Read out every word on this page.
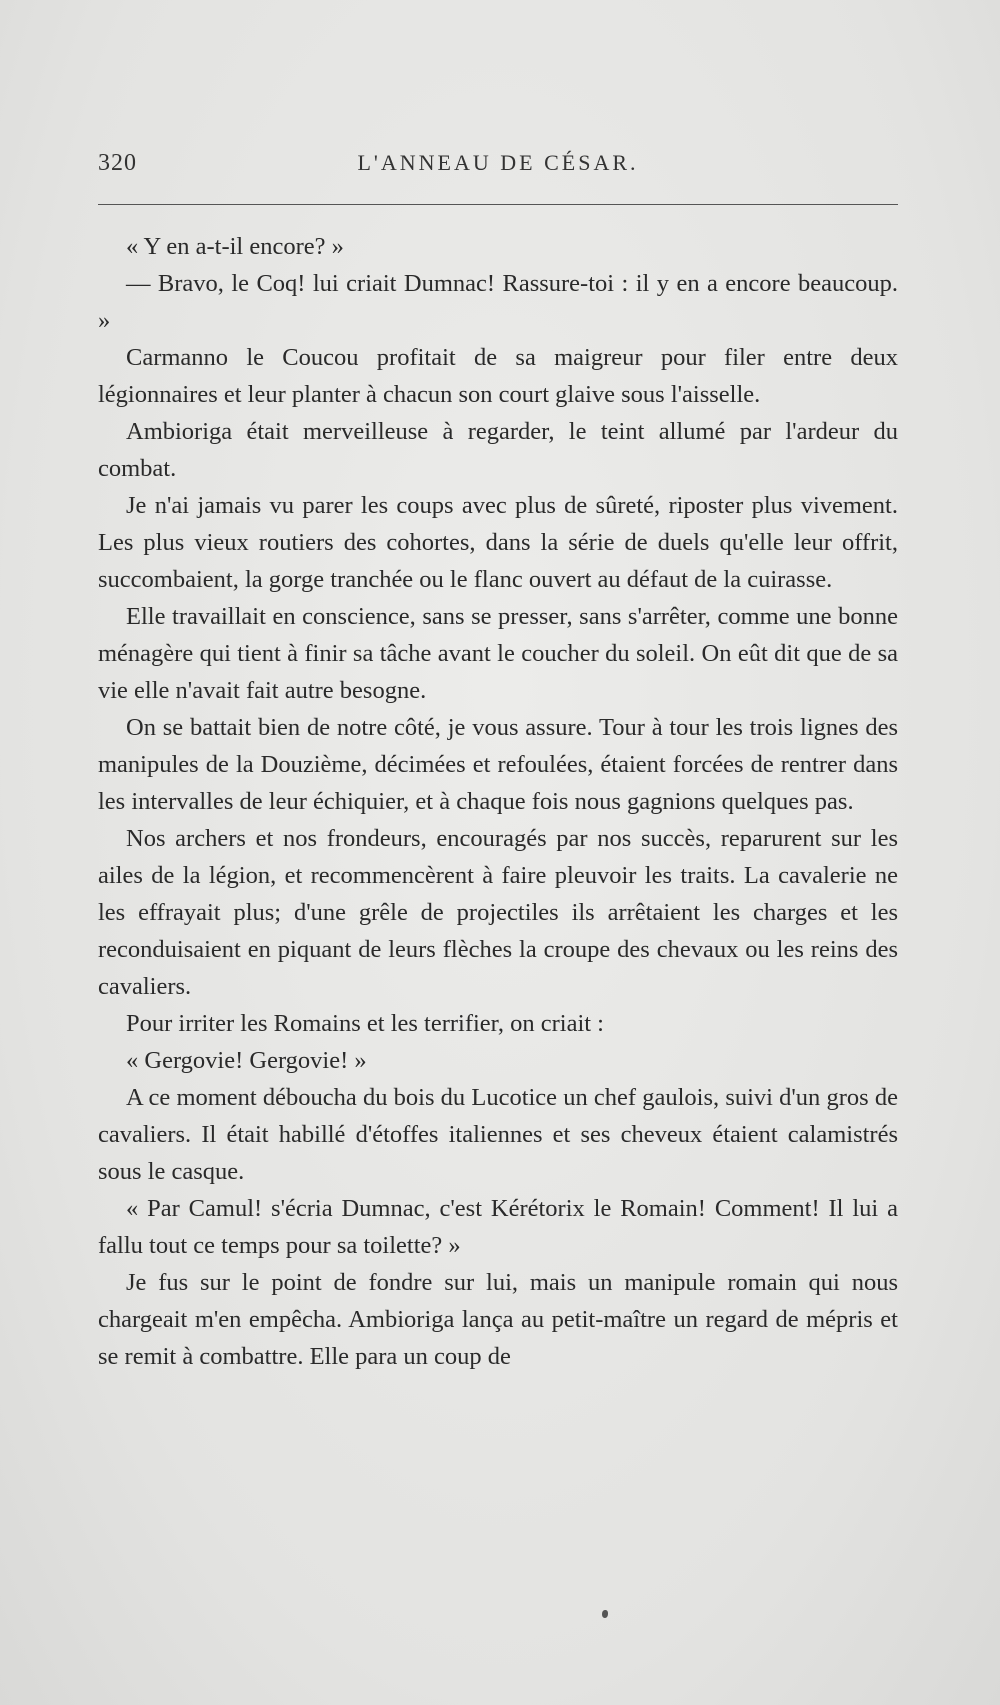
320	L'ANNEAU DE CÉSAR.

« Y en a-t-il encore? »

— Bravo, le Coq! lui criait Dumnac! Rassure-toi : il y en a encore beaucoup. »

Carmanno le Coucou profitait de sa maigreur pour filer entre deux légionnaires et leur planter à chacun son court glaive sous l'aisselle.

Ambioriga était merveilleuse à regarder, le teint allumé par l'ardeur du combat.

Je n'ai jamais vu parer les coups avec plus de sûreté, riposter plus vivement. Les plus vieux routiers des cohortes, dans la série de duels qu'elle leur offrit, succombaient, la gorge tranchée ou le flanc ouvert au défaut de la cuirasse.

Elle travaillait en conscience, sans se presser, sans s'arrêter, comme une bonne ménagère qui tient à finir sa tâche avant le coucher du soleil. On eût dit que de sa vie elle n'avait fait autre besogne.

On se battait bien de notre côté, je vous assure. Tour à tour les trois lignes des manipules de la Douzième, décimées et refoulées, étaient forcées de rentrer dans les intervalles de leur échiquier, et à chaque fois nous gagnions quelques pas.

Nos archers et nos frondeurs, encouragés par nos succès, reparurent sur les ailes de la légion, et recommencèrent à faire pleuvoir les traits. La cavalerie ne les effrayait plus; d'une grêle de projectiles ils arrêtaient les charges et les reconduisaient en piquant de leurs flèches la croupe des chevaux ou les reins des cavaliers.

Pour irriter les Romains et les terrifier, on criait :

« Gergovie! Gergovie! »

A ce moment déboucha du bois du Lucotice un chef gaulois, suivi d'un gros de cavaliers. Il était habillé d'étoffes italiennes et ses cheveux étaient calamistrés sous le casque.

« Par Camul! s'écria Dumnac, c'est Kérétorix le Romain! Comment! Il lui a fallu tout ce temps pour sa toilette? »

Je fus sur le point de fondre sur lui, mais un manipule romain qui nous chargeait m'en empêcha. Ambioriga lança au petit-maître un regard de mépris et se remit à combattre. Elle para un coup de
